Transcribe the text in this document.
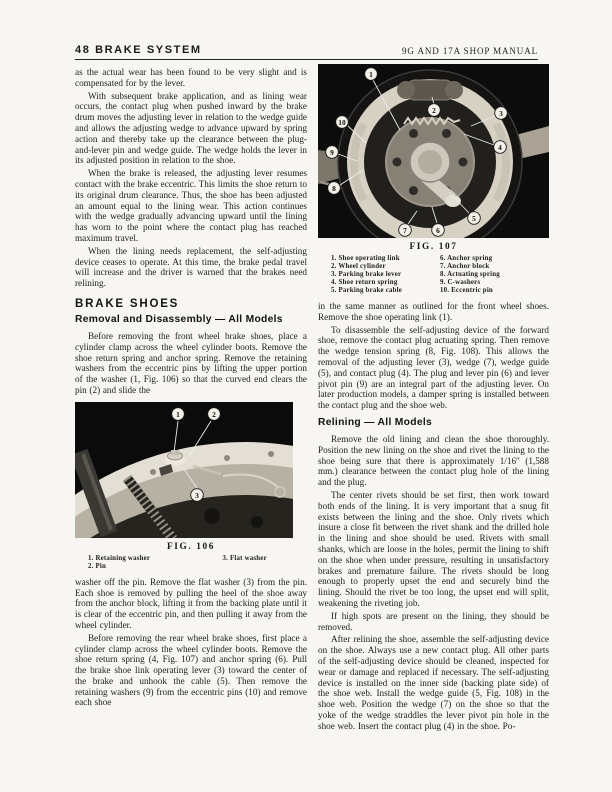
48 BRAKE SYSTEM	9G AND 17A SHOP MANUAL

as the actual wear has been found to be very slight and is compensated for by the lever.

With subsequent brake application, and as lining wear occurs, the contact plug when pushed inward by the brake drum moves the adjusting lever in relation to the wedge guide and allows the adjusting wedge to advance upward by spring action and thereby take up the clearance between the plug-and-lever pin and wedge guide. The wedge holds the lever in its adjusted position in relation to the shoe.

When the brake is released, the adjusting lever resumes contact with the brake eccentric. This limits the shoe return to its original drum clearance. Thus, the shoe has been adjusted an amount equal to the lining wear. This action continues with the wedge gradually advancing upward until the lining has worn to the point where the contact plug has reached maximum travel.

When the lining needs replacement, the self-adjusting device ceases to operate. At this time, the brake pedal travel will increase and the driver is warned that the brakes need relining.

BRAKE SHOES
Removal and Disassembly — All Models

Before removing the front wheel brake shoes, place a cylinder clamp across the wheel cylinder boots. Remove the shoe return spring and anchor spring. Remove the retaining washers from the eccentric pins by lifting the upper portion of the washer (1, Fig. 106) so that the curved end clears the pin (2) and slide the

1	2
3
FIG. 106
1. Retaining washer
2. Pin
3. Flat washer

washer off the pin. Remove the flat washer (3) from the pin. Each shoe is removed by pulling the heel of the shoe away from the anchor block, lifting it from the backing plate until it is clear of the eccentric pin, and then pulling it away from the wheel cylinder.

Before removing the rear wheel brake shoes, first place a cylinder clamp across the wheel cylinder boots. Remove the shoe return spring (4, Fig. 107) and anchor spring (6). Pull the brake shoe link operating lever (3) toward the center of the brake and unhook the cable (5). Then remove the retaining washers (9) from the eccentric pins (10) and remove each shoe

1
2	3
4
5
6
7
8
9
10
FIG. 107
1. Shoe operating link
2. Wheel cylinder
3. Parking brake lever
4. Shoe return spring
5. Parking brake cable
6. Anchor spring
7. Anchor block
8. Actuating spring
9. C-washers
10. Eccentric pin

in the same manner as outlined for the front wheel shoes. Remove the shoe operating link (1).

To disassemble the self-adjusting device of the forward shoe, remove the contact plug actuating spring. Then remove the wedge tension spring (8, Fig. 108). This allows the removal of the adjusting lever (3), wedge (7), wedge guide (5), and contact plug (4). The plug and lever pin (6) and lever pivot pin (9) are an integral part of the adjusting lever. On later production models, a damper spring is installed between the contact plug and the shoe web.

Relining — All Models

Remove the old lining and clean the shoe thoroughly. Position the new lining on the shoe and rivet the lining to the shoe being sure that there is approximately 1/16″ (1,588 mm.) clearance between the contact plug hole of the lining and the plug.

The center rivets should be set first, then work toward both ends of the lining. It is very important that a snug fit exists between the lining and the shoe. Only rivets which insure a close fit between the rivet shank and the drilled hole in the lining and shoe should be used. Rivets with small shanks, which are loose in the holes, permit the lining to shift on the shoe when under pressure, resulting in unsatisfactory brakes and premature failure. The rivets should be long enough to properly upset the end and securely bind the lining. Should the rivet be too long, the upset end will split, weakening the riveting job.

If high spots are present on the lining, they should be removed.

After relining the shoe, assemble the self-adjusting device on the shoe. Always use a new contact plug. All other parts of the self-adjusting device should be cleaned, inspected for wear or damage and replaced if necessary. The self-adjusting device is installed on the inner side (backing plate side) of the shoe web. Install the wedge guide (5, Fig. 108) in the shoe web. Position the wedge (7) on the shoe so that the yoke of the wedge straddles the lever pivot pin hole in the shoe web. Insert the contact plug (4) in the shoe. Po-
